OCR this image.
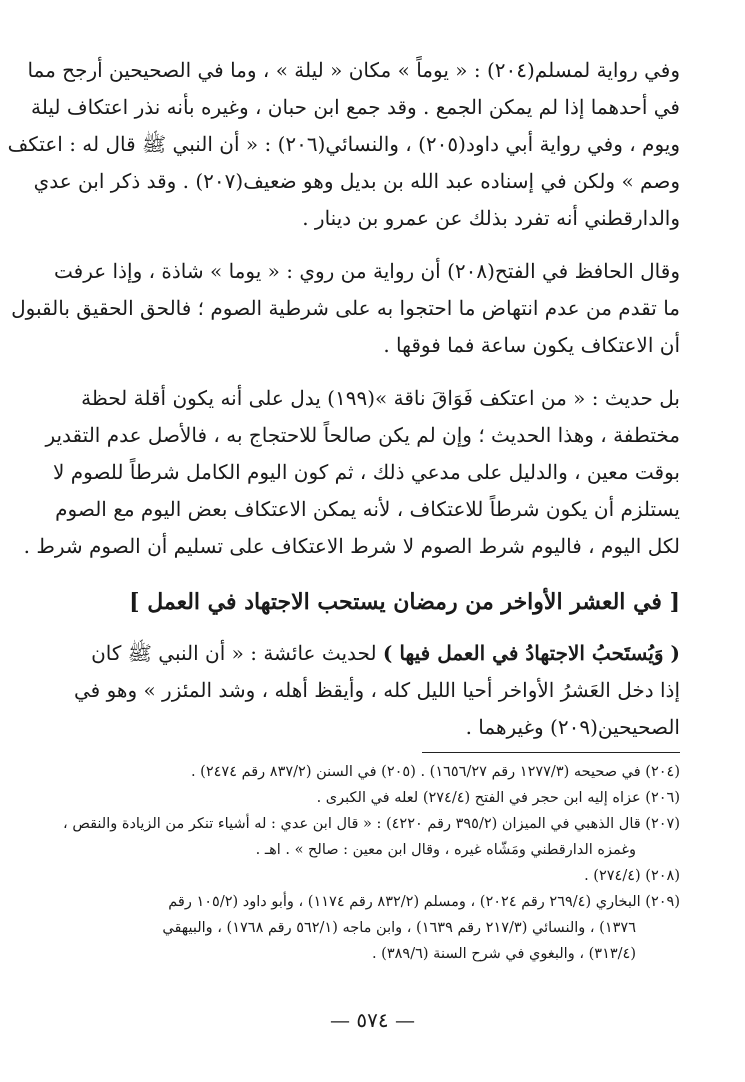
وفي رواية لمسلم(٢٠٤) : « يوماً » مكان « ليلة » ، وما في الصحيحين أرجح مما
في أحدهما إذا لم يمكن الجمع . وقد جمع ابن حبان ، وغيره بأنه نذر اعتكاف ليلة
ويوم ، وفي رواية أبي داود(٢٠٥) ، والنسائي(٢٠٦) : « أن النبي ﷺ قال له : اعتكف
وصم » ولكن في إسناده عبد الله بن بديل وهو ضعيف(٢٠٧) . وقد ذكر ابن عدي
والدارقطني أنه تفرد بذلك عن عمرو بن دينار .
وقال الحافظ في الفتح(٢٠٨) أن رواية من روي : « يوما » شاذة ، وإذا عرفت
ما تقدم من عدم انتهاض ما احتجوا به على شرطية الصوم ؛ فالحق الحقيق بالقبول
أن الاعتكاف يكون ساعة فما فوقها .
بل حديث : « من اعتكف فَوَاقَ ناقة »(١٩٩) يدل على أنه يكون أقلة لحظة
مختطفة ، وهذا الحديث ؛ وإن لم يكن صالحاً للاحتجاج به ، فالأصل عدم التقدير
بوقت معين ، والدليل على مدعي ذلك ، ثم كون اليوم الكامل شرطاً للصوم لا
يستلزم أن يكون شرطاً للاعتكاف ، لأنه يمكن الاعتكاف بعض اليوم مع الصوم
لكل اليوم ، فاليوم شرط الصوم لا شرط الاعتكاف على تسليم أن الصوم شرط .
[ في العشر الأواخر من رمضان يستحب الاجتهاد في العمل ]
( وَيُستَحبُ الاجتهادُ في العمل فيها ) لحديث عائشة : « أن النبي ﷺ كان
إذا دخل العَشرُ الأواخر أحيا الليل كله ، وأيقظ أهله ، وشد المئزر » وهو في
الصحيحين(٢٠٩) وغيرهما .
(٢٠٤) في صحيحه (١٢٧٧/٣ رقم ١٦٥٦/٢٧) . (٢٠٥) في السنن (٨٣٧/٢ رقم ٢٤٧٤) .
(٢٠٦) عزاه إليه ابن حجر في الفتح (٢٧٤/٤) لعله في الكبرى .
(٢٠٧) قال الذهبي في الميزان (٣٩٥/٢ رقم ٤٢٢٠) : « قال ابن عدي : له أشياء تنكر من الزيادة والنقص ،
وغمزه الدارقطني ومَشّاه غيره ، وقال ابن معين : صالح » . اهـ .
(٢٠٨) (٢٧٤/٤) .
(٢٠٩) البخاري (٢٦٩/٤ رقم ٢٠٢٤) ، ومسلم (٨٣٢/٢ رقم ١١٧٤) ، وأبو داود (١٠٥/٢ رقم
١٣٧٦) ، والنسائي (٢١٧/٣ رقم ١٦٣٩) ، وابن ماجه (٥٦٢/١ رقم ١٧٦٨) ، والبيهقي
(٣١٣/٤) ، والبغوي في شرح السنة (٣٨٩/٦) .
— ٥٧٤ —
